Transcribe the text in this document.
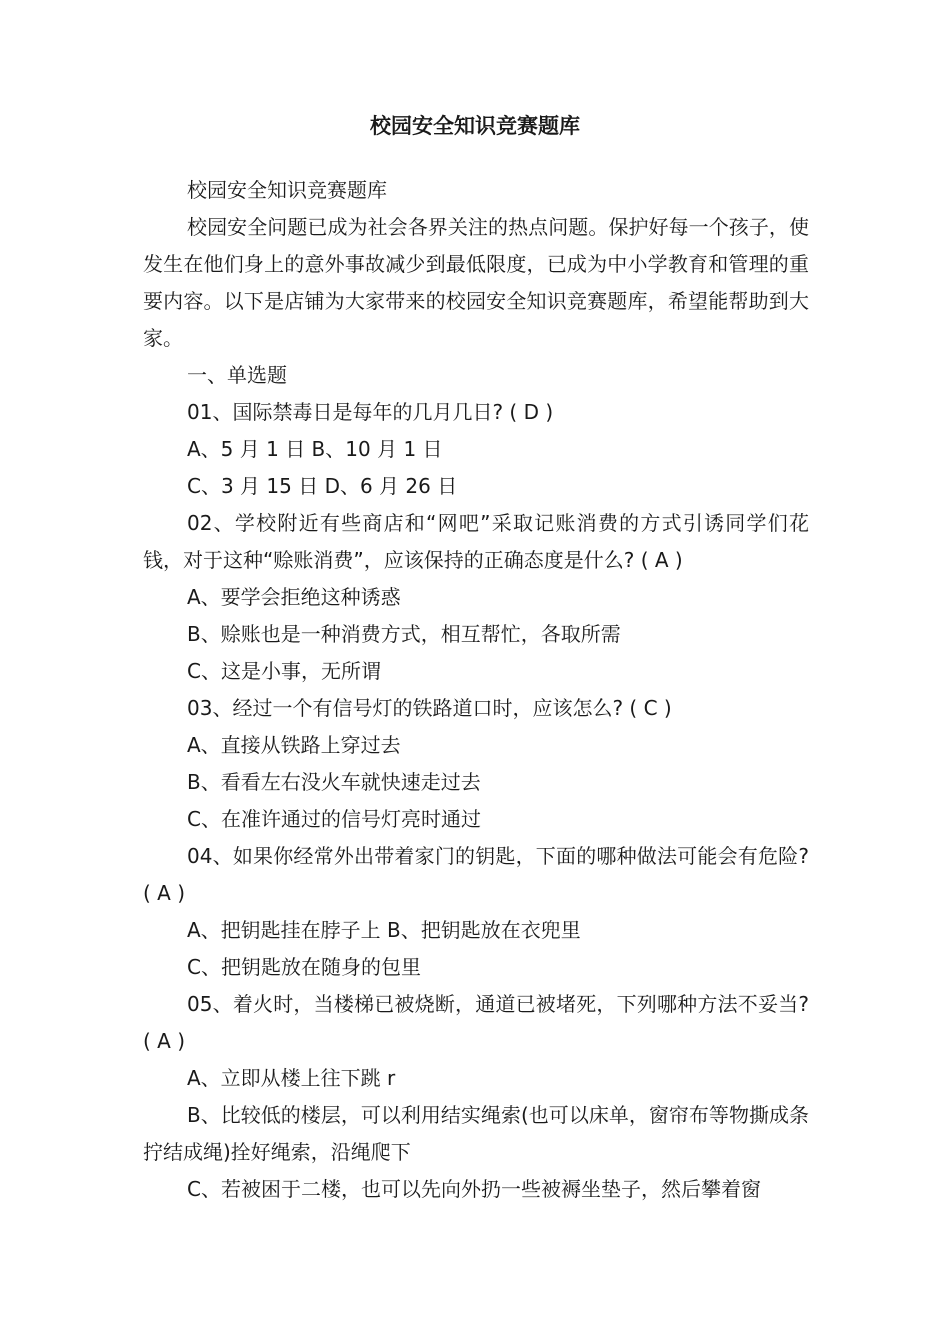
校园安全知识竞赛题库

校园安全知识竞赛题库

校园安全问题已成为社会各界关注的热点问题。保护好每一个孩子，使发生在他们身上的意外事故减少到最低限度，已成为中小学教育和管理的重要内容。以下是店铺为大家带来的校园安全知识竞赛题库，希望能帮助到大家。

一、单选题

01、国际禁毒日是每年的几月几日? ( D )

A、5 月 1 日 B、10 月 1 日

C、3 月 15 日 D、6 月 26 日

02、学校附近有些商店和“网吧”采取记账消费的方式引诱同学们花钱，对于这种“赊账消费”，应该保持的正确态度是什么? ( A )

A、要学会拒绝这种诱惑

B、赊账也是一种消费方式，相互帮忙，各取所需

C、这是小事，无所谓

03、经过一个有信号灯的铁路道口时，应该怎么? ( C )

A、直接从铁路上穿过去

B、看看左右没火车就快速走过去

C、在准许通过的信号灯亮时通过

04、如果你经常外出带着家门的钥匙，下面的哪种做法可能会有危险? ( A )

A、把钥匙挂在脖子上 B、把钥匙放在衣兜里

C、把钥匙放在随身的包里

05、着火时，当楼梯已被烧断，通道已被堵死，下列哪种方法不妥当? ( A )

A、立即从楼上往下跳 r

B、比较低的楼层，可以利用结实绳索(也可以床单，窗帘布等物撕成条拧结成绳)拴好绳索，沿绳爬下

C、若被困于二楼，也可以先向外扔一些被褥坐垫子，然后攀着窗
